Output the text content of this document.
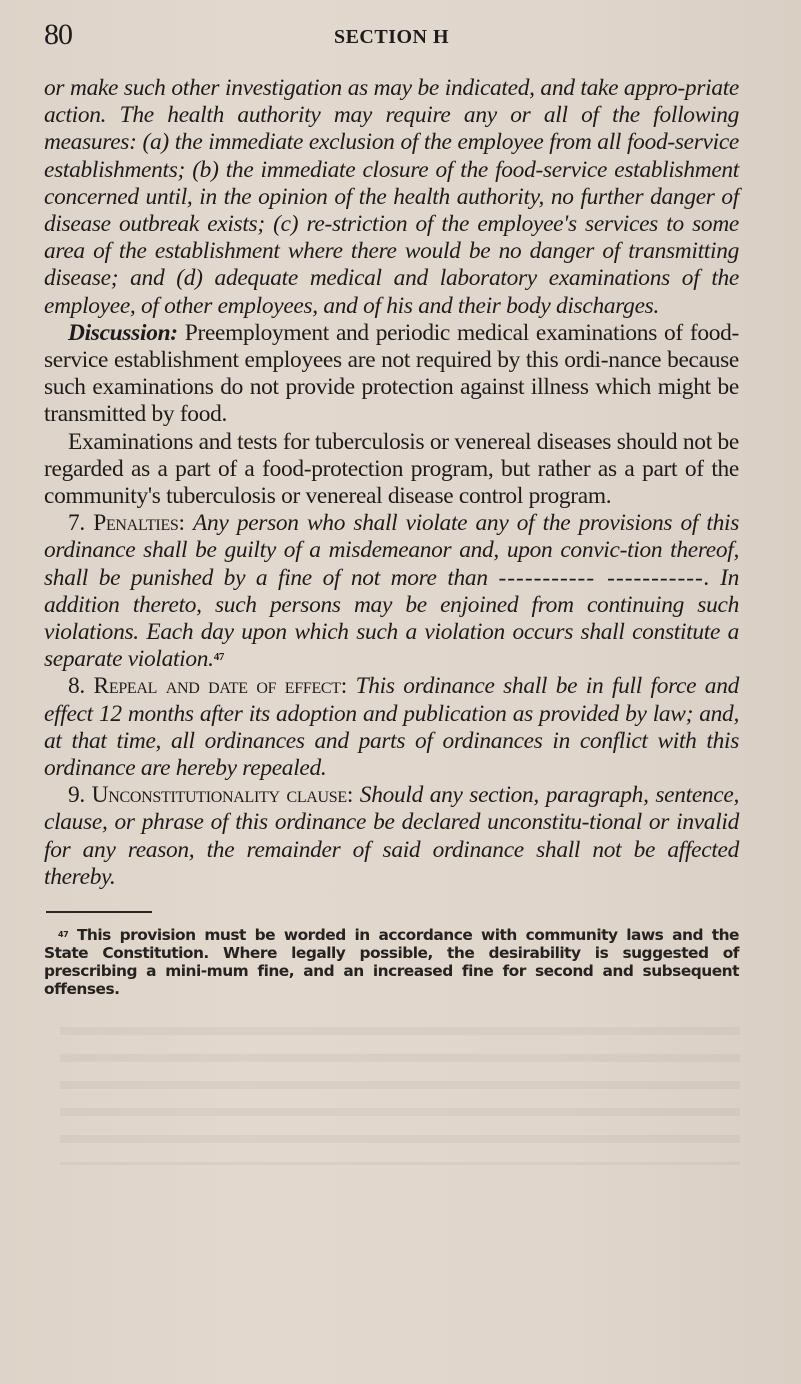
80	SECTION H

or make such other investigation as may be indicated, and take appro-priate action. The health authority may require any or all of the following measures: (a) the immediate exclusion of the employee from all food-service establishments; (b) the immediate closure of the food-service establishment concerned until, in the opinion of the health authority, no further danger of disease outbreak exists; (c) re-striction of the employee's services to some area of the establishment where there would be no danger of transmitting disease; and (d) adequate medical and laboratory examinations of the employee, of other employees, and of his and their body discharges.

Discussion: Preemployment and periodic medical examinations of food-service establishment employees are not required by this ordi-nance because such examinations do not provide protection against illness which might be transmitted by food.

Examinations and tests for tuberculosis or venereal diseases should not be regarded as a part of a food-protection program, but rather as a part of the community's tuberculosis or venereal disease control program.

7. Penalties: Any person who shall violate any of the provisions of this ordinance shall be guilty of a misdemeanor and, upon convic-tion thereof, shall be punished by a fine of not more than ----------- -----------. In addition thereto, such persons may be enjoined from continuing such violations. Each day upon which such a violation occurs shall constitute a separate violation.$^{47}$

8. Repeal and date of effect: This ordinance shall be in full force and effect 12 months after its adoption and publication as provided by law; and, at that time, all ordinances and parts of ordinances in conflict with this ordinance are hereby repealed.

9. Unconstitutionality clause: Should any section, paragraph, sentence, clause, or phrase of this ordinance be declared unconstitu-tional or invalid for any reason, the remainder of said ordinance shall not be affected thereby.

$^{47}$ This provision must be worded in accordance with community laws and the State Constitution. Where legally possible, the desirability is suggested of prescribing a mini-mum fine, and an increased fine for second and subsequent offenses.
